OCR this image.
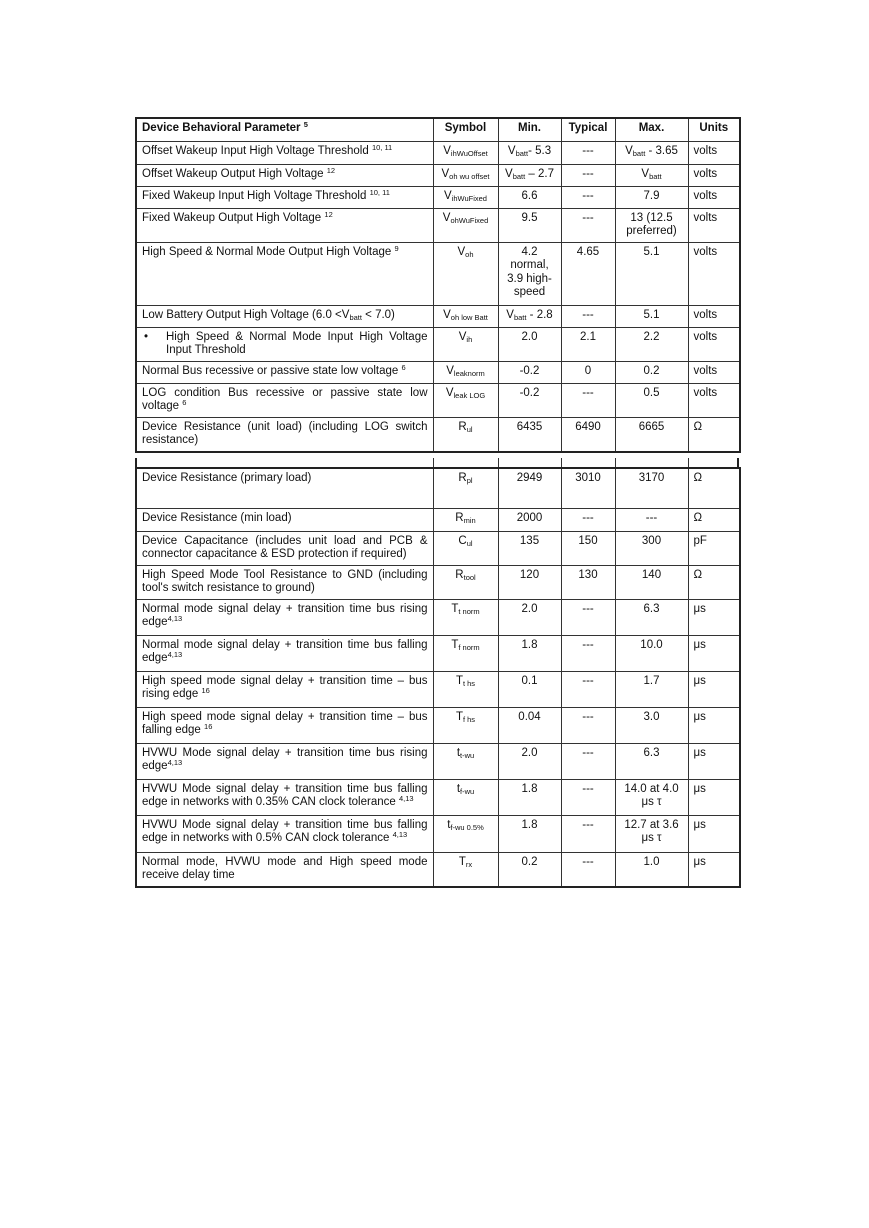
Device Behavioral Parameter $^5$	Symbol	Min.	Typical	Max.	Units
Offset Wakeup Input High Voltage Threshold $^{10, 11}$	$V_{ihWuOffset}$	$V_{batt}-$ 5.3	---	$V_{batt} - 3.65$	volts
Offset Wakeup Output High Voltage $^{12}$	$V_{oh wu offset}$	$V_{batt} - 2.7$	---	$V_{batt}$	volts
Fixed Wakeup Input High Voltage Threshold $^{10, 11}$	$V_{ihWuFixed}$	6.6	---	7.9	volts
Fixed Wakeup Output High Voltage $^{12}$	$V_{ohWuFixed}$	9.5	---	13 (12.5 preferred)	volts
High Speed & Normal Mode Output High Voltage $^9$	$V_{oh}$	4.2 normal, 3.9 high-speed	4.65	5.1	volts
Low Battery Output High Voltage $(6.0 <V_{batt} < 7.0)$	$V_{oh low Batt}$	$V_{batt} - 2.8$	---	5.1	volts

• High Speed & Normal Mode Input High Voltage Input Threshold	$V_{ih}$	2.0	2.1	2.2	volts
Normal Bus recessive or passive state low voltage $^6$	$V_{leaknorm}$	-0.2	0	0.2	volts
LOG condition Bus recessive or passive state low voltage $^6$	$V_{leak LOG}$	-0.2	---	0.5	volts
Device Resistance (unit load) (including LOG switch resistance)	$R_{ul}$	6435	6490	6665	Ω
Device Resistance (primary load)	$R_{pl}$	2949	3010	3170	Ω
Device Resistance (min load)	$R_{min}$	2000	---	---	Ω
Device Capacitance (includes unit load and PCB & connector capacitance & ESD protection if required)	$C_{ul}$	135	150	300	pF
High Speed Mode Tool Resistance to GND (including tool's switch resistance to ground)	$R_{tool}$	120	130	140	Ω
Normal mode signal delay + transition time bus rising edge$^{4,13}$	$T_{t norm}$	2.0	---	6.3	μs
Normal mode signal delay + transition time bus falling edge$^{4,13}$	$T_{f norm}$	1.8	---	10.0	μs
High speed mode signal delay + transition time – bus rising edge $^{16}$	$T_{t hs}$	0.1	---	1.7	μs
High speed mode signal delay + transition time – bus falling edge $^{16}$	$T_{f hs}$	0.04	---	3.0	μs
HVWU Mode signal delay + transition time bus rising edge$^{4,13}$	$t_{t-wu}$	2.0	---	6.3	μs
HVWU Mode signal delay + transition time bus falling edge in networks with 0.35% CAN clock tolerance $^{4,13}$	$t_{f-wu}$	1.8	---	14.0 at 4.0 μs τ	μs
HVWU Mode signal delay + transition time bus falling edge in networks with 0.5% CAN clock tolerance $^{4,13}$	$t_{f-wu 0.5\%}$	1.8	---	12.7 at 3.6 μs τ	μs
Normal mode, HVWU mode and High speed mode receive delay time	$T_{rx}$	0.2	---	1.0	μs
